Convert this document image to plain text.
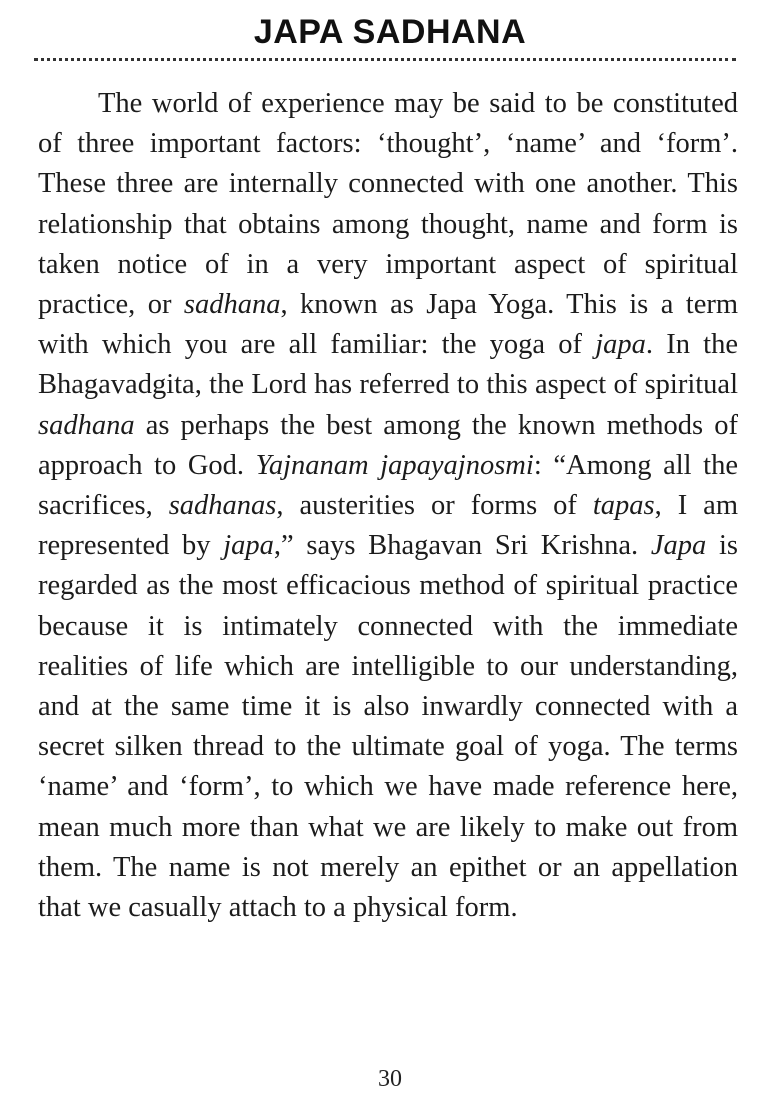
JAPA SADHANA

The world of experience may be said to be constituted of three important factors: ‘thought’, ‘name’ and ‘form’. These three are internally connected with one another. This relationship that obtains among thought, name and form is taken notice of in a very important aspect of spiritual practice, or sadhana, known as Japa Yoga. This is a term with which you are all familiar: the yoga of japa. In the Bhagavadgita, the Lord has referred to this aspect of spiritual sadhana as perhaps the best among the known methods of approach to God. Yajnanam japayajnosmi: “Among all the sacrifices, sadhanas, austerities or forms of tapas, I am represented by japa,” says Bhagavan Sri Krishna. Japa is regarded as the most efficacious method of spiritual practice because it is intimately connected with the immediate realities of life which are intelligible to our understanding, and at the same time it is also inwardly connected with a secret silken thread to the ultimate goal of yoga. The terms ‘name’ and ‘form’, to which we have made reference here, mean much more than what we are likely to make out from them. The name is not merely an epithet or an appellation that we casually attach to a physical form.

30
